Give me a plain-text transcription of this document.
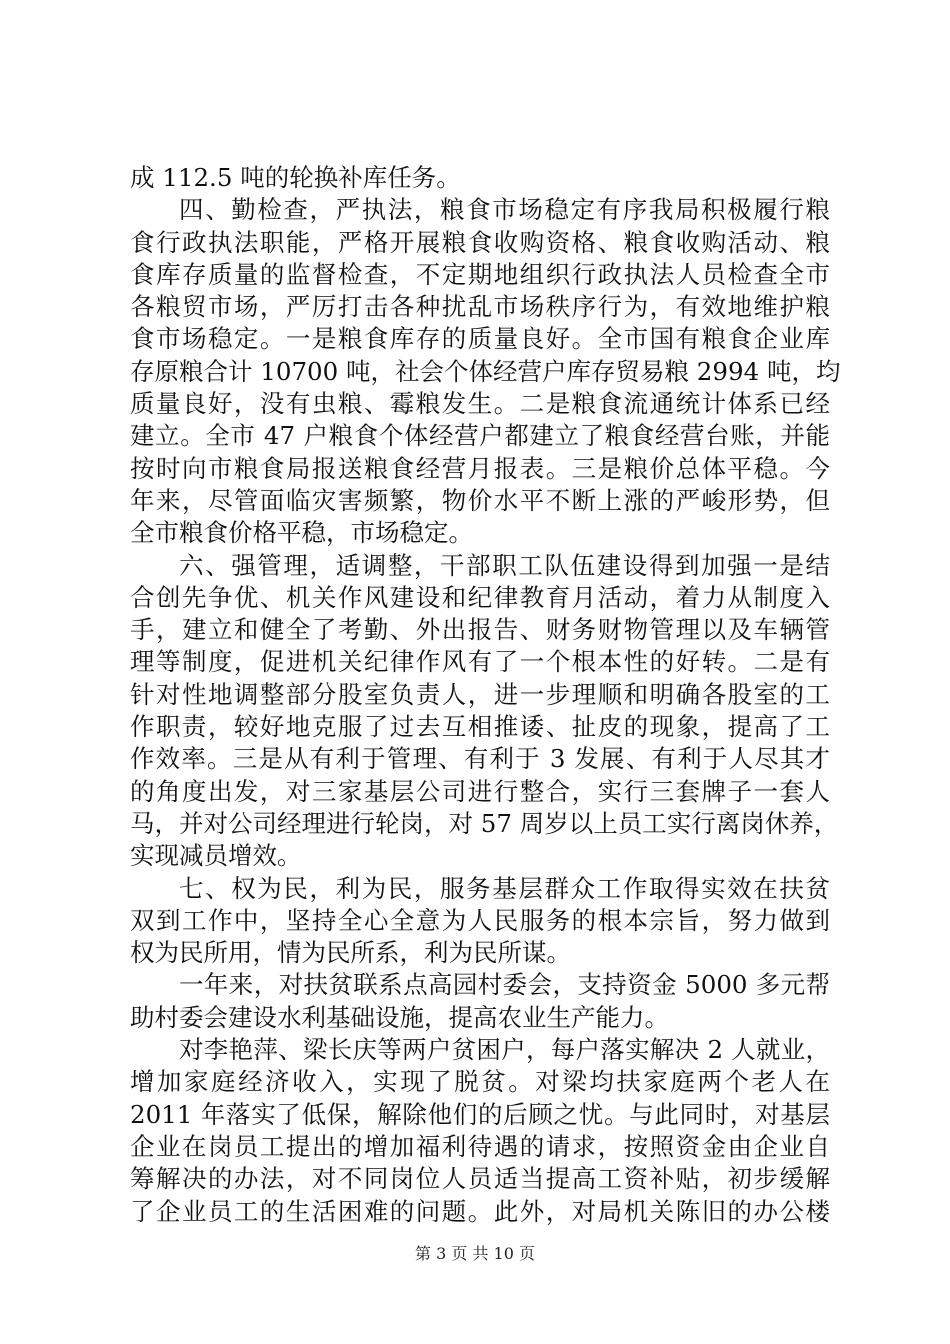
成 112.5 吨的轮换补库任务。
四、勤检查，严执法，粮食市场稳定有序我局积极履行粮
食行政执法职能，严格开展粮食收购资格、粮食收购活动、粮
食库存质量的监督检查，不定期地组织行政执法人员检查全市
各粮贸市场，严厉打击各种扰乱市场秩序行为，有效地维护粮
食市场稳定。一是粮食库存的质量良好。全市国有粮食企业库
存原粮合计 10700 吨，社会个体经营户库存贸易粮 2994 吨，均
质量良好，没有虫粮、霉粮发生。二是粮食流通统计体系已经
建立。全市 47 户粮食个体经营户都建立了粮食经营台账，并能
按时向市粮食局报送粮食经营月报表。三是粮价总体平稳。今
年来，尽管面临灾害频繁，物价水平不断上涨的严峻形势，但
全市粮食价格平稳，市场稳定。
六、强管理，适调整，干部职工队伍建设得到加强一是结
合创先争优、机关作风建设和纪律教育月活动，着力从制度入
手，建立和健全了考勤、外出报告、财务财物管理以及车辆管
理等制度，促进机关纪律作风有了一个根本性的好转。二是有
针对性地调整部分股室负责人，进一步理顺和明确各股室的工
作职责，较好地克服了过去互相推诿、扯皮的现象，提高了工
作效率。三是从有利于管理、有利于 3 发展、有利于人尽其才
的角度出发，对三家基层公司进行整合，实行三套牌子一套人
马，并对公司经理进行轮岗，对 57 周岁以上员工实行离岗休养，
实现减员增效。
七、权为民，利为民，服务基层群众工作取得实效在扶贫
双到工作中，坚持全心全意为人民服务的根本宗旨，努力做到
权为民所用，情为民所系，利为民所谋。
一年来，对扶贫联系点高园村委会，支持资金 5000 多元帮
助村委会建设水利基础设施，提高农业生产能力。
对李艳萍、梁长庆等两户贫困户，每户落实解决 2 人就业，
增加家庭经济收入，实现了脱贫。对梁均扶家庭两个老人在
2011 年落实了低保，解除他们的后顾之忧。与此同时，对基层
企业在岗员工提出的增加福利待遇的请求，按照资金由企业自
筹解决的办法，对不同岗位人员适当提高工资补贴，初步缓解
了企业员工的生活困难的问题。此外，对局机关陈旧的办公楼
第 3 页 共 10 页
